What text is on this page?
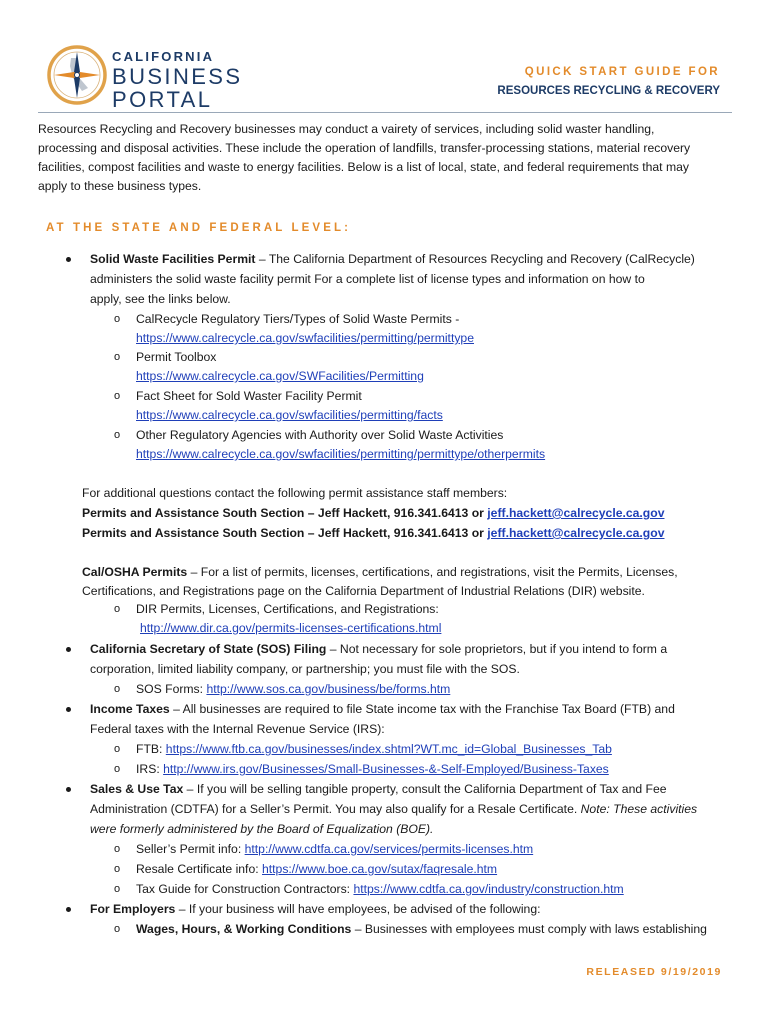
CALIFORNIA
BUSINESS
PORTAL
QUICK START GUIDE FOR
RESOURCES RECYCLING & RECOVERY
Resources Recycling and Recovery businesses may conduct a vairety of services, including solid waster handling,
processing and disposal activities. These include the operation of landfills, transfer-processing stations, material recovery
facilities, compost facilities and waste to energy facilities. Below is a list of local, state, and federal requirements that may
apply to these business types.
AT THE STATE AND FEDERAL LEVEL:
Solid Waste Facilities Permit – The California Department of Resources Recycling and Recovery (CalRecycle)
administers the solid waste facility permit For a complete list of license types and information on how to
apply, see the links below.
o CalRecycle Regulatory Tiers/Types of Solid Waste Permits -
https://www.calrecycle.ca.gov/swfacilities/permitting/permittype
o Permit Toolbox
https://www.calrecycle.ca.gov/SWFacilities/Permitting
o Fact Sheet for Sold Waster Facility Permit
https://www.calrecycle.ca.gov/swfacilities/permitting/facts
o Other Regulatory Agencies with Authority over Solid Waste Activities
https://www.calrecycle.ca.gov/swfacilities/permitting/permittype/otherpermits
For additional questions contact the following permit assistance staff members:
Permits and Assistance South Section – Jeff Hackett, 916.341.6413 or jeff.hackett@calrecycle.ca.gov
Permits and Assistance South Section – Jeff Hackett, 916.341.6413 or jeff.hackett@calrecycle.ca.gov
Cal/OSHA Permits – For a list of permits, licenses, certifications, and registrations, visit the Permits, Licenses,
Certifications, and Registrations page on the California Department of Industrial Relations (DIR) website.
o DIR Permits, Licenses, Certifications, and Registrations:
http://www.dir.ca.gov/permits-licenses-certifications.html
California Secretary of State (SOS) Filing – Not necessary for sole proprietors, but if you intend to form a
corporation, limited liability company, or partnership; you must file with the SOS.
o SOS Forms: http://www.sos.ca.gov/business/be/forms.htm
Income Taxes – All businesses are required to file State income tax with the Franchise Tax Board (FTB) and
Federal taxes with the Internal Revenue Service (IRS):
o FTB: https://www.ftb.ca.gov/businesses/index.shtml?WT.mc_id=Global_Businesses_Tab
o IRS: http://www.irs.gov/Businesses/Small-Businesses-&-Self-Employed/Business-Taxes
Sales & Use Tax – If you will be selling tangible property, consult the California Department of Tax and Fee
Administration (CDTFA) for a Seller’s Permit. You may also qualify for a Resale Certificate. Note: These activities
were formerly administered by the Board of Equalization (BOE).
o Seller’s Permit info: http://www.cdtfa.ca.gov/services/permits-licenses.htm
o Resale Certificate info: https://www.boe.ca.gov/sutax/faqresale.htm
o Tax Guide for Construction Contractors: https://www.cdtfa.ca.gov/industry/construction.htm
For Employers – If your business will have employees, be advised of the following:
o Wages, Hours, & Working Conditions – Businesses with employees must comply with laws establishing
RELEASED 9/19/2019
